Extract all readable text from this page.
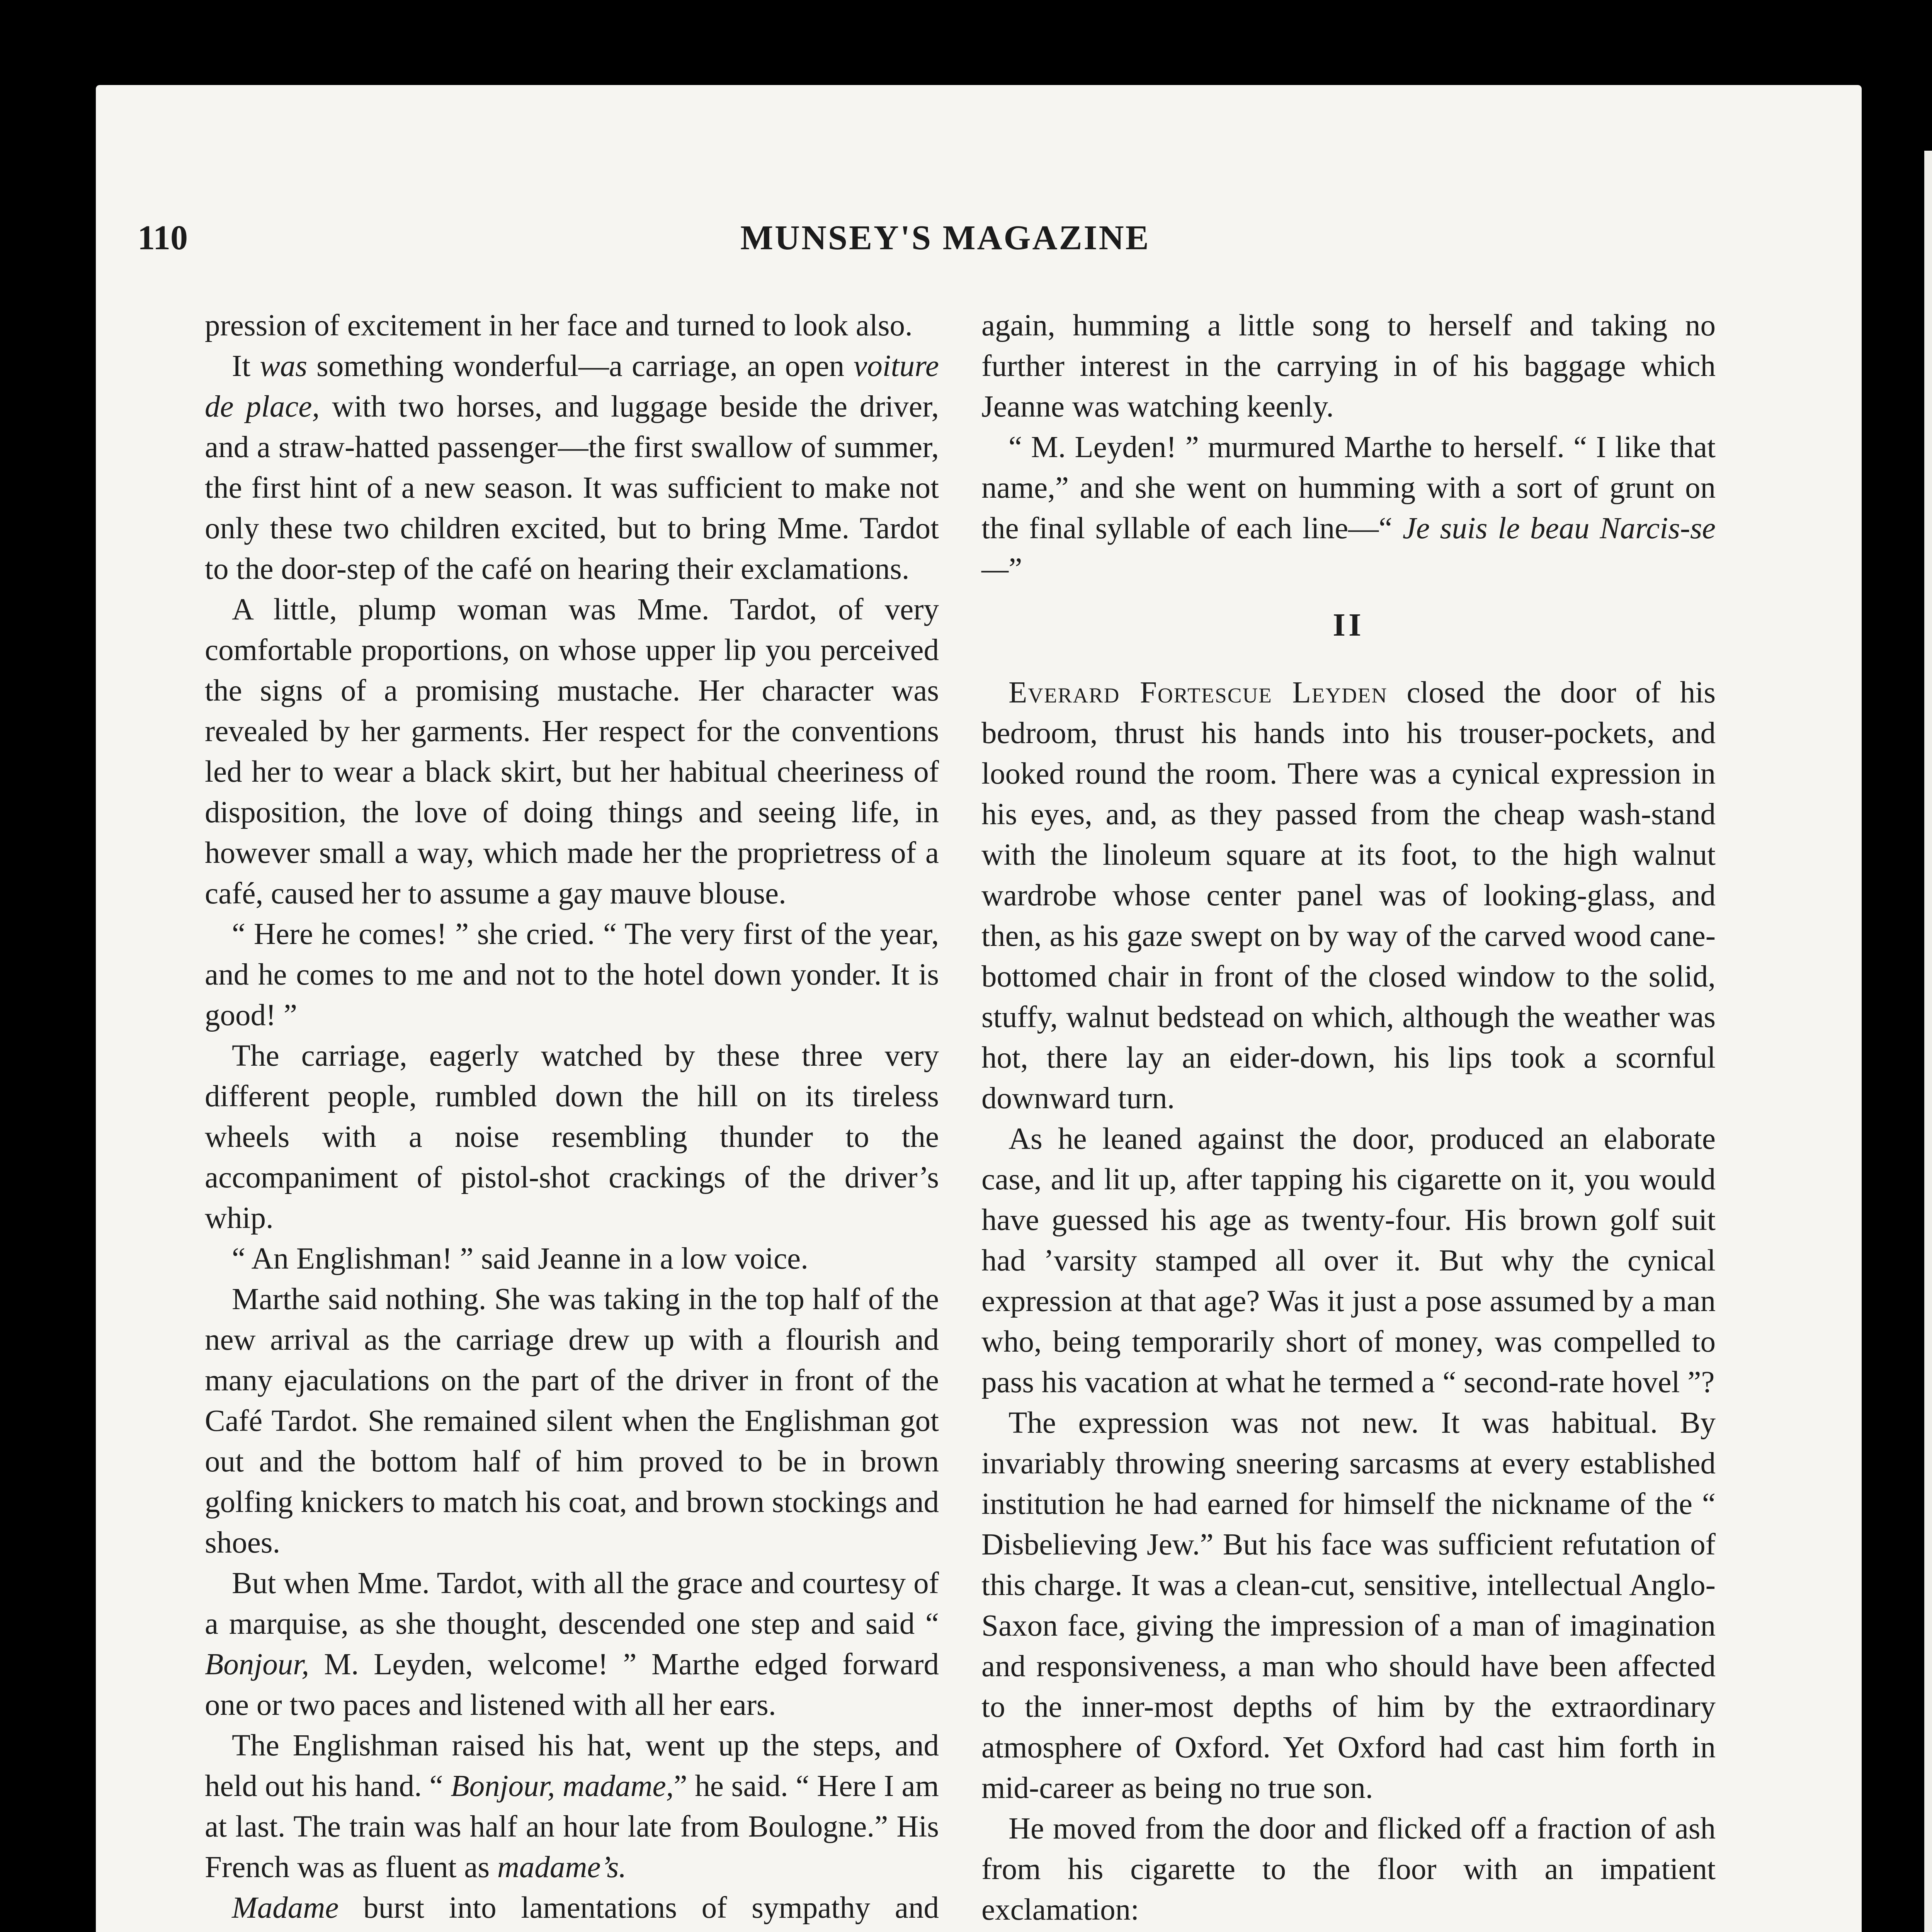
110	MUNSEY'S MAGAZINE

pression of excitement in her face and turned to look also.

It was something wonderful—a carriage, an open voiture de place, with two horses, and luggage beside the driver, and a straw-hatted passenger—the first swallow of summer, the first hint of a new season. It was sufficient to make not only these two children excited, but to bring Mme. Tardot to the door-step of the café on hearing their exclamations.

A little, plump woman was Mme. Tardot, of very comfortable proportions, on whose upper lip you perceived the signs of a promising mustache. Her character was revealed by her garments. Her respect for the conventions led her to wear a black skirt, but her habitual cheeriness of disposition, the love of doing things and seeing life, in however small a way, which made her the proprietress of a café, caused her to assume a gay mauve blouse.

“ Here he comes! ” she cried. “ The very first of the year, and he comes to me and not to the hotel down yonder. It is good! ”

The carriage, eagerly watched by these three very different people, rumbled down the hill on its tireless wheels with a noise resembling thunder to the accompaniment of pistol-shot crackings of the driver’s whip.

“ An Englishman! ” said Jeanne in a low voice.

Marthe said nothing. She was taking in the top half of the new arrival as the carriage drew up with a flourish and many ejaculations on the part of the driver in front of the Café Tardot. She remained silent when the Englishman got out and the bottom half of him proved to be in brown golfing knickers to match his coat, and brown stockings and shoes.

But when Mme. Tardot, with all the grace and courtesy of a marquise, as she thought, descended one step and said “ Bonjour, M. Leyden, welcome! ” Marthe edged forward one or two paces and listened with all her ears.

The Englishman raised his hat, went up the steps, and held out his hand. “ Bonjour, madame,” he said. “ Here I am at last. The train was half an hour late from Boulogne.” His French was as fluent as madame’s.

Madame burst into lamentations of sympathy and

again, humming a little song to herself and taking no further interest in the carrying in of his baggage which Jeanne was watching keenly.

“ M. Leyden! ” murmured Marthe to herself. “ I like that name,” and she went on humming with a sort of grunt on the final syllable of each line—“ Je suis le beau Narcis-se—”

II

Everard Fortescue Leyden closed the door of his bedroom, thrust his hands into his trouser-pockets, and looked round the room. There was a cynical expression in his eyes, and, as they passed from the cheap wash-stand with the linoleum square at its foot, to the high walnut wardrobe whose center panel was of looking-glass, and then, as his gaze swept on by way of the carved wood cane-bottomed chair in front of the closed window to the solid, stuffy, walnut bedstead on which, although the weather was hot, there lay an eider-down, his lips took a scornful downward turn.

As he leaned against the door, produced an elaborate case, and lit up, after tapping his cigarette on it, you would have guessed his age as twenty-four. His brown golf suit had ’varsity stamped all over it. But why the cynical expression at that age? Was it just a pose assumed by a man who, being temporarily short of money, was compelled to pass his vacation at what he termed a “ second-rate hovel ”?

The expression was not new. It was habitual. By invariably throwing sneering sarcasms at every established institution he had earned for himself the nickname of the “ Disbelieving Jew.” But his face was sufficient refutation of this charge. It was a clean-cut, sensitive, intellectual Anglo-Saxon face, giving the impression of a man of imagination and responsiveness, a man who should have been affected to the inner-most depths of him by the extraordinary atmosphere of Oxford. Yet Oxford had cast him forth in mid-career as being no true son.

He moved from the door and flicked off a fraction of ash from his cigarette to the floor with an impatient exclamation:
